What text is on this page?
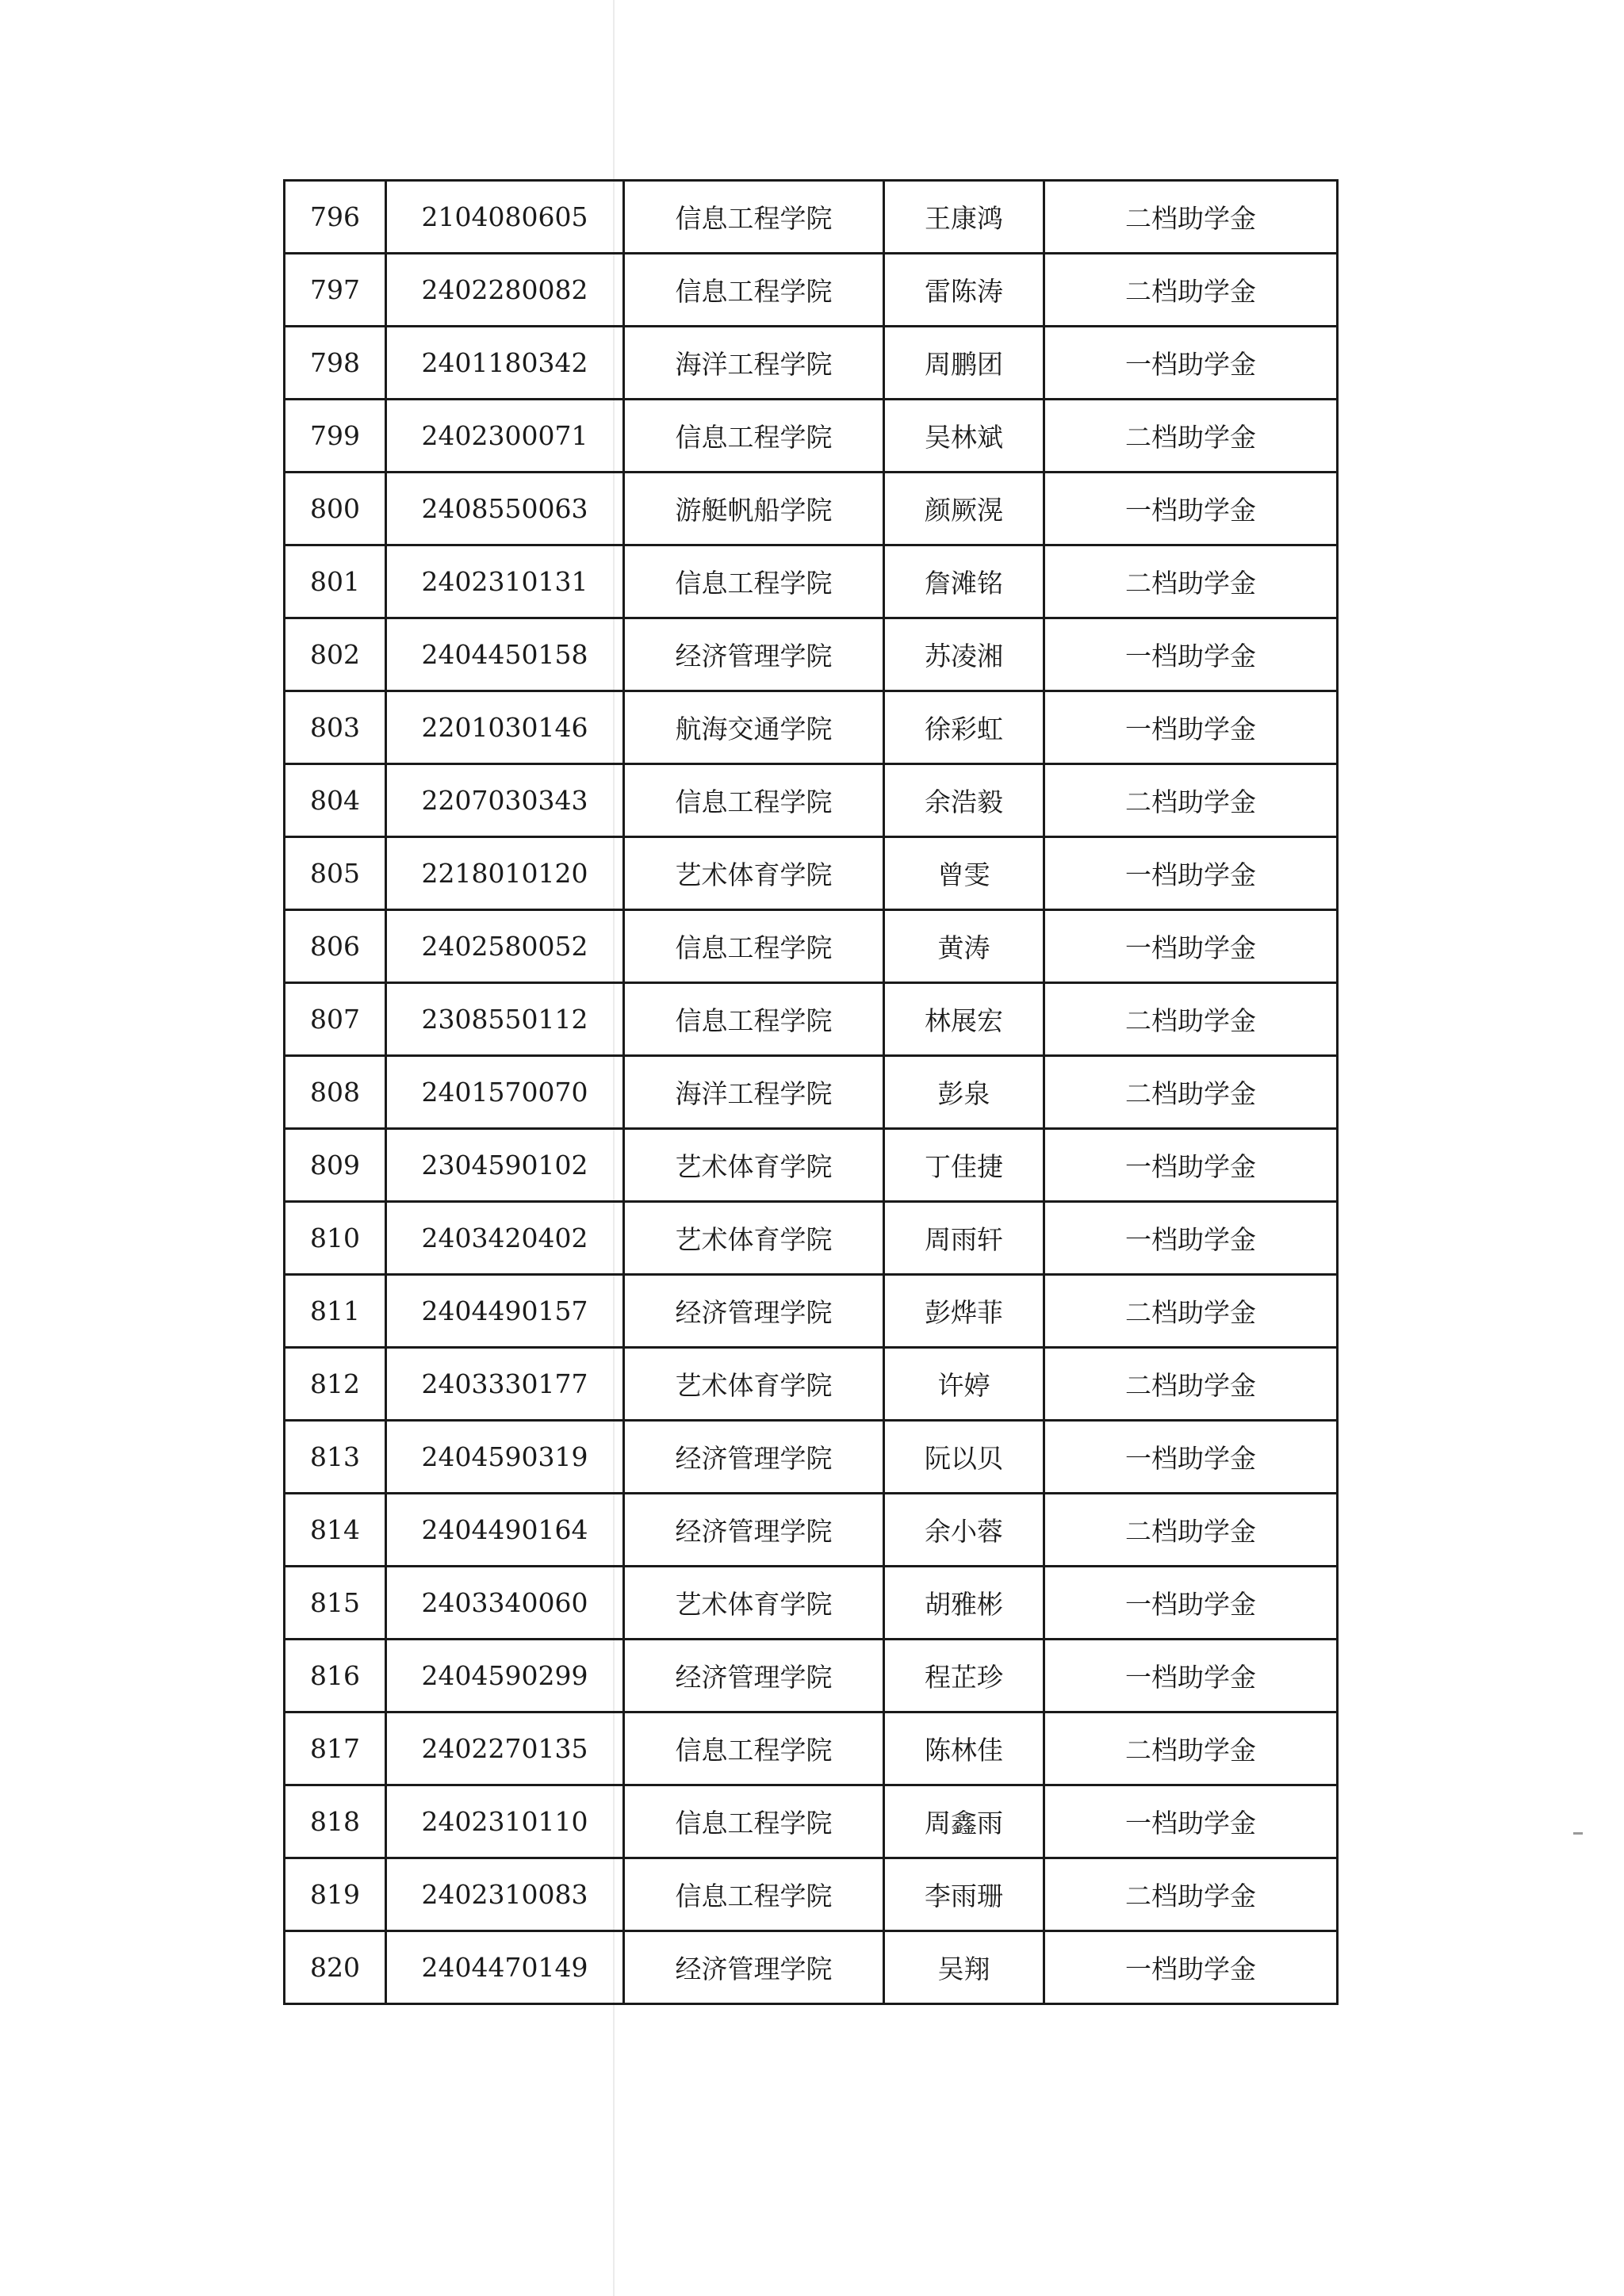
796	2104080605	信息工程学院	王康鸿	二档助学金
797	2402280082	信息工程学院	雷陈涛	二档助学金
798	2401180342	海洋工程学院	周鹏团	一档助学金
799	2402300071	信息工程学院	吴林斌	二档助学金
800	2408550063	游艇帆船学院	颜厥滉	一档助学金
801	2402310131	信息工程学院	詹滩铭	二档助学金
802	2404450158	经济管理学院	苏凌湘	一档助学金
803	2201030146	航海交通学院	徐彩虹	一档助学金
804	2207030343	信息工程学院	余浩毅	二档助学金
805	2218010120	艺术体育学院	曾雯	一档助学金
806	2402580052	信息工程学院	黄涛	一档助学金
807	2308550112	信息工程学院	林展宏	二档助学金
808	2401570070	海洋工程学院	彭泉	二档助学金
809	2304590102	艺术体育学院	丁佳捷	一档助学金
810	2403420402	艺术体育学院	周雨轩	一档助学金
811	2404490157	经济管理学院	彭烨菲	二档助学金
812	2403330177	艺术体育学院	许婷	二档助学金
813	2404590319	经济管理学院	阮以贝	一档助学金
814	2404490164	经济管理学院	余小蓉	二档助学金
815	2403340060	艺术体育学院	胡雅彬	一档助学金
816	2404590299	经济管理学院	程芷珍	一档助学金
817	2402270135	信息工程学院	陈林佳	二档助学金
818	2402310110	信息工程学院	周鑫雨	一档助学金
819	2402310083	信息工程学院	李雨珊	二档助学金
820	2404470149	经济管理学院	吴翔	一档助学金
